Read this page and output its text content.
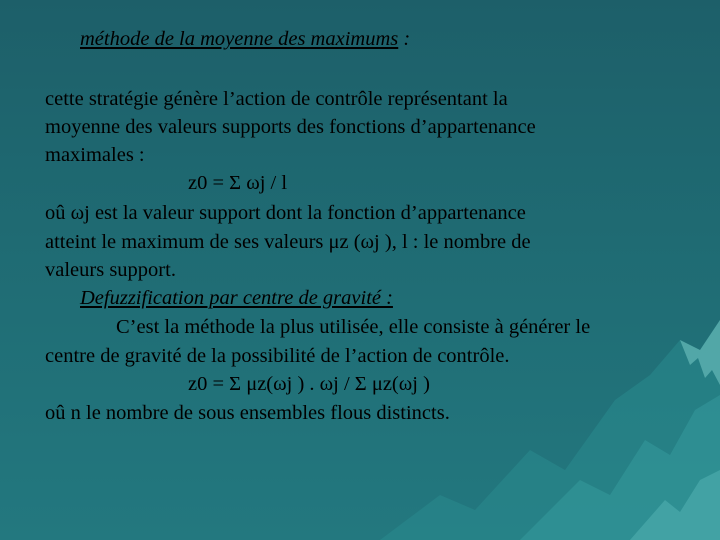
méthode de la moyenne des maximums :

cette stratégie génère l’action de contrôle représentant la

moyenne des valeurs supports des fonctions d’appartenance

maximales :

z0 = Σ ωj / l

oû ωj est la valeur support dont la fonction d’appartenance

atteint le maximum de ses valeurs μz (ωj ), l : le nombre de

valeurs support.

Defuzzification par centre de gravité :

C’est la méthode la plus utilisée, elle consiste à générer le

centre de gravité de la possibilité de l’action de contrôle.

z0 = Σ μz(ωj ) . ωj / Σ μz(ωj )

oû n le nombre de sous ensembles flous distincts.
